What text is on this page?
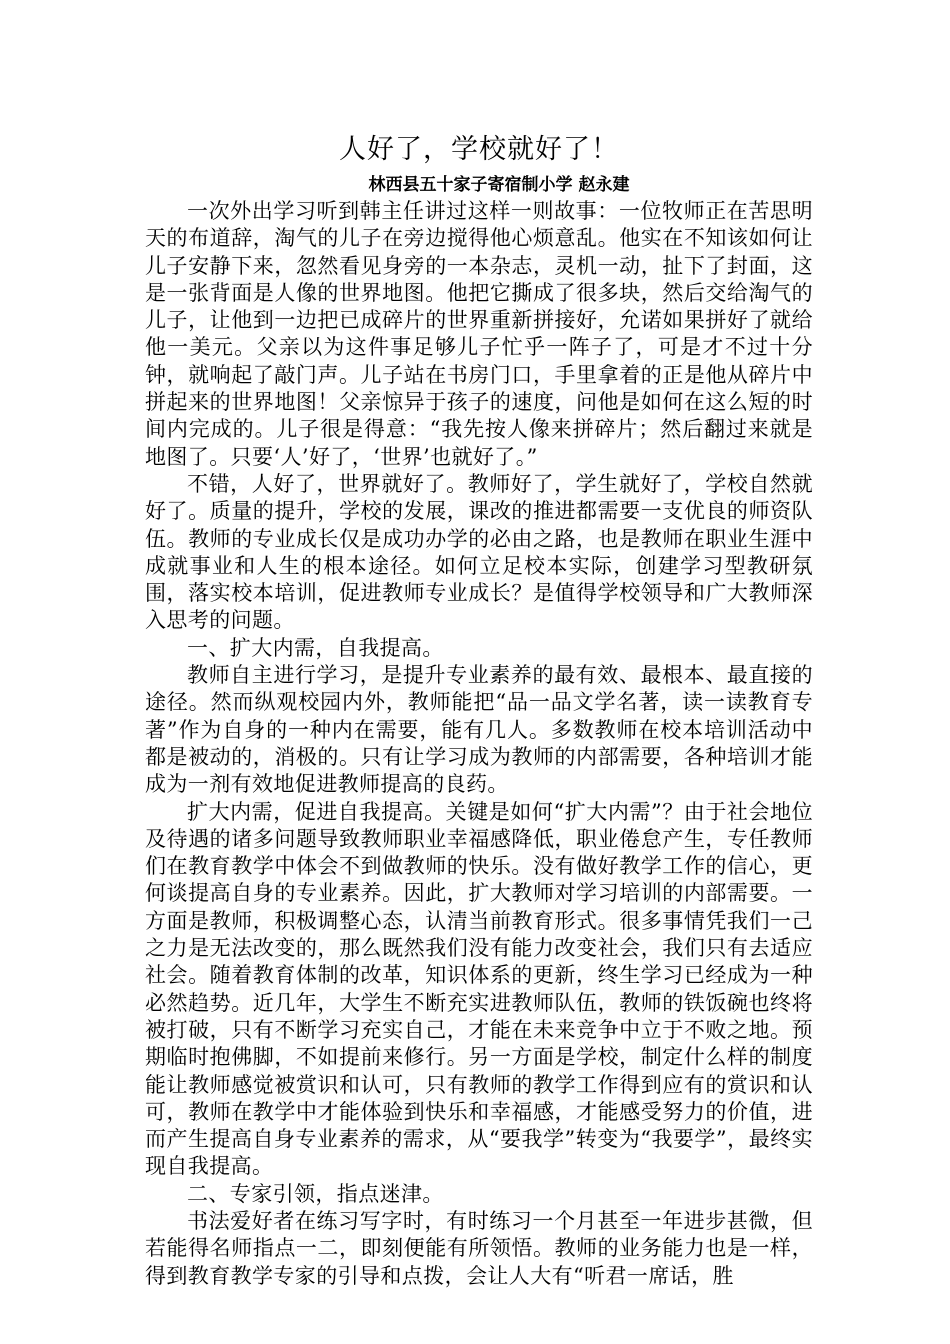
人好了，学校就好了！

林西县五十家子寄宿制小学 赵永建

一次外出学习听到韩主任讲过这样一则故事：一位牧师正在苦思明天的布道辞，淘气的儿子在旁边搅得他心烦意乱。他实在不知该如何让儿子安静下来，忽然看见身旁的一本杂志，灵机一动，扯下了封面，这是一张背面是人像的世界地图。他把它撕成了很多块，然后交给淘气的儿子，让他到一边把已成碎片的世界重新拼接好，允诺如果拼好了就给他一美元。父亲以为这件事足够儿子忙乎一阵子了，可是才不过十分钟，就响起了敲门声。儿子站在书房门口，手里拿着的正是他从碎片中拼起来的世界地图！父亲惊异于孩子的速度，问他是如何在这么短的时间内完成的。儿子很是得意：“我先按人像来拼碎片；然后翻过来就是地图了。只要‘人’好了，‘世界’也就好了。”

不错，人好了，世界就好了。教师好了，学生就好了，学校自然就好了。质量的提升，学校的发展，课改的推进都需要一支优良的师资队伍。教师的专业成长仅是成功办学的必由之路，也是教师在职业生涯中成就事业和人生的根本途径。如何立足校本实际，创建学习型教研氛围，落实校本培训，促进教师专业成长？是值得学校领导和广大教师深入思考的问题。

一、扩大内需，自我提高。

教师自主进行学习，是提升专业素养的最有效、最根本、最直接的途径。然而纵观校园内外，教师能把“品一品文学名著，读一读教育专著”作为自身的一种内在需要，能有几人。多数教师在校本培训活动中都是被动的，消极的。只有让学习成为教师的内部需要，各种培训才能成为一剂有效地促进教师提高的良药。

扩大内需，促进自我提高。关键是如何“扩大内需”？由于社会地位及待遇的诸多问题导致教师职业幸福感降低，职业倦怠产生，专任教师们在教育教学中体会不到做教师的快乐。没有做好教学工作的信心，更何谈提高自身的专业素养。因此，扩大教师对学习培训的内部需要。一方面是教师，积极调整心态，认清当前教育形式。很多事情凭我们一己之力是无法改变的，那么既然我们没有能力改变社会，我们只有去适应社会。随着教育体制的改革，知识体系的更新，终生学习已经成为一种必然趋势。近几年，大学生不断充实进教师队伍，教师的铁饭碗也终将被打破，只有不断学习充实自己，才能在未来竞争中立于不败之地。预期临时抱佛脚，不如提前来修行。另一方面是学校，制定什么样的制度能让教师感觉被赏识和认可，只有教师的教学工作得到应有的赏识和认可，教师在教学中才能体验到快乐和幸福感，才能感受努力的价值，进而产生提高自身专业素养的需求，从“要我学”转变为“我要学”，最终实现自我提高。

二、专家引领，指点迷津。

书法爱好者在练习写字时，有时练习一个月甚至一年进步甚微，但若能得名师指点一二，即刻便能有所领悟。教师的业务能力也是一样，得到教育教学专家的引导和点拨，会让人大有“听君一席话，胜
